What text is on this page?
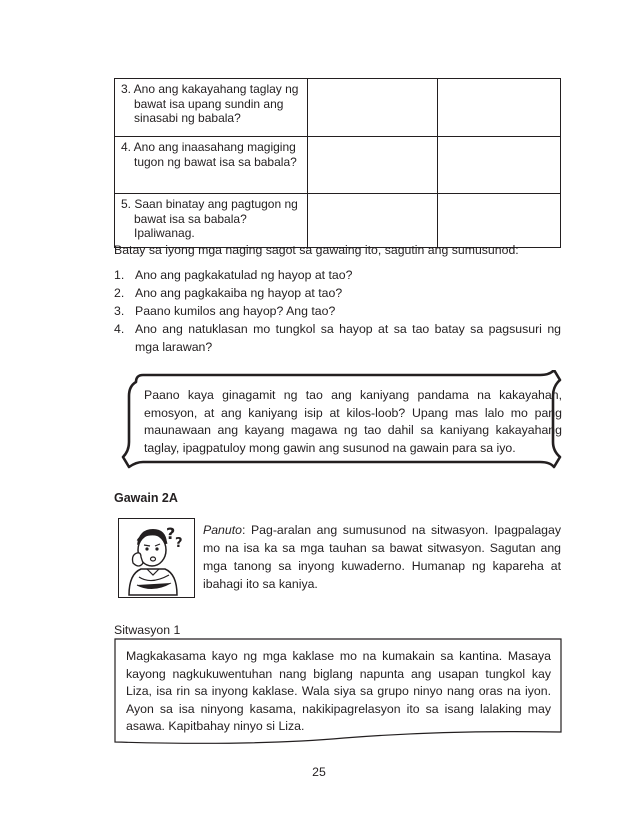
3. Ano ang kakayahang taglay ng bawat isa upang sundin ang sinasabi ng babala?		

4. Ano ang inaasahang magiging tugon ng bawat isa sa babala?		

5. Saan binatay ang pagtugon ng bawat isa sa babala? Ipaliwanag.		

Batay sa iyong mga naging sagot sa gawaing ito, sagutin ang sumusunod:
1. Ano ang pagkakatulad ng hayop at tao?
2. Ano ang pagkakaiba ng hayop at tao?
3. Paano kumilos ang hayop? Ang tao?
4. Ano ang natuklasan mo tungkol sa hayop at sa tao batay sa pagsusuri ng mga larawan?
Paano kaya ginagamit ng tao ang kaniyang pandama na kakayahan, emosyon, at ang kaniyang isip at kilos-loob? Upang mas lalo mo pang maunawaan ang kayang magawa ng tao dahil sa kaniyang kakayahang taglay, ipagpatuloy mong gawin ang susunod na gawain para sa iyo.
Gawain 2A
?
?
Panuto: Pag-aralan ang sumusunod na sitwasyon. Ipagpalagay mo na isa ka sa mga tauhan sa bawat sitwasyon. Sagutan ang mga tanong sa inyong kuwaderno. Humanap ng kapareha at ibahagi ito sa kaniya.
Sitwasyon 1
Magkakasama kayo ng mga kaklase mo na kumakain sa kantina. Masaya kayong nagkukuwentuhan nang biglang napunta ang usapan tungkol kay Liza, isa rin sa inyong kaklase. Wala siya sa grupo ninyo nang oras na iyon. Ayon sa isa ninyong kasama, nakikipagrelasyon ito sa isang lalaking may asawa. Kapitbahay ninyo si Liza.
25
